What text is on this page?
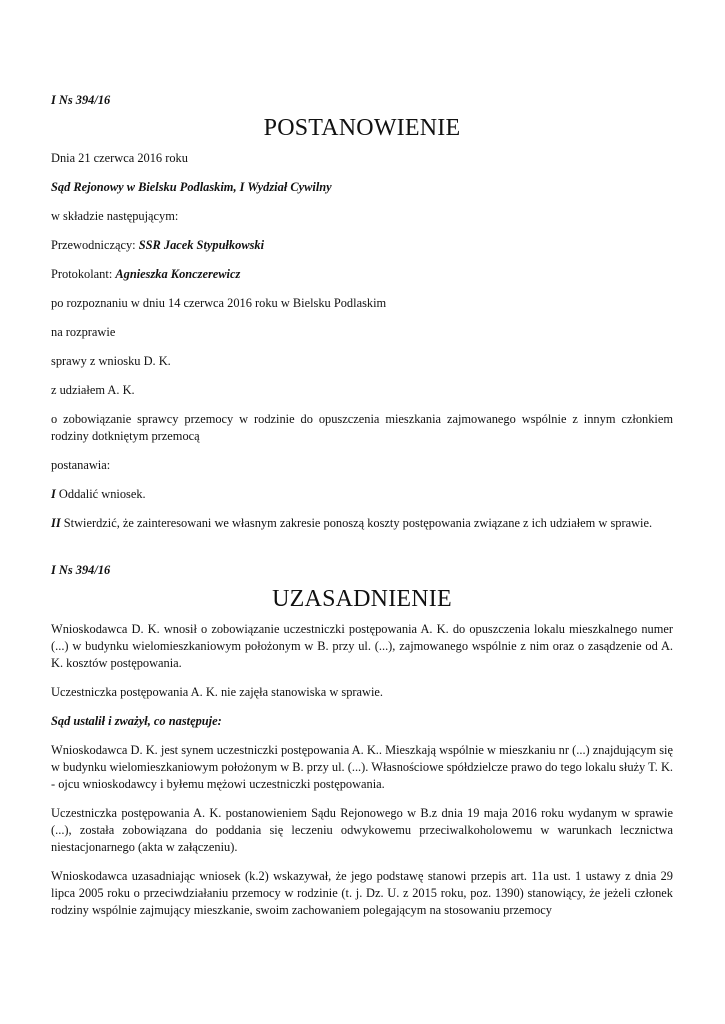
I Ns 394/16
POSTANOWIENIE
Dnia 21 czerwca 2016 roku
Sąd Rejonowy w Bielsku Podlaskim, I Wydział Cywilny
w składzie następującym:
Przewodniczący: SSR Jacek Stypułkowski
Protokolant: Agnieszka Konczerewicz
po rozpoznaniu w dniu 14 czerwca 2016 roku w Bielsku Podlaskim
na rozprawie
sprawy z wniosku D. K.
z udziałem A. K.
o zobowiązanie sprawcy przemocy w rodzinie do opuszczenia mieszkania zajmowanego wspólnie z innym członkiem rodziny dotkniętym przemocą
postanawia:
I Oddalić wniosek.
II Stwierdzić, że zainteresowani we własnym zakresie ponoszą koszty postępowania związane z ich udziałem w sprawie.
I Ns 394/16
UZASADNIENIE
Wnioskodawca D. K. wnosił o zobowiązanie uczestniczki postępowania A. K. do opuszczenia lokalu mieszkalnego numer (...) w budynku wielomieszkaniowym położonym w B. przy ul. (...), zajmowanego wspólnie z nim oraz o zasądzenie od A. K. kosztów postępowania.
Uczestniczka postępowania A. K. nie zajęła stanowiska w sprawie.
Sąd ustalił i zważył, co następuje:
Wnioskodawca D. K. jest synem uczestniczki postępowania A. K.. Mieszkają wspólnie w mieszkaniu nr (...) znajdującym się w budynku wielomieszkaniowym położonym w B. przy ul. (...). Własnościowe spółdzielcze prawo do tego lokalu służy T. K. - ojcu wnioskodawcy i byłemu mężowi uczestniczki postępowania.
Uczestniczka postępowania A. K. postanowieniem Sądu Rejonowego w B.z dnia 19 maja 2016 roku wydanym w sprawie (...), została zobowiązana do poddania się leczeniu odwykowemu przeciwalkoholowemu w warunkach lecznictwa niestacjonarnego (akta w załączeniu).
Wnioskodawca uzasadniając wniosek (k.2) wskazywał, że jego podstawę stanowi przepis art. 11a ust. 1 ustawy z dnia 29 lipca 2005 roku o przeciwdziałaniu przemocy w rodzinie (t. j. Dz. U. z 2015 roku, poz. 1390) stanowiący, że jeżeli członek rodziny wspólnie zajmujący mieszkanie, swoim zachowaniem polegającym na stosowaniu przemocy
